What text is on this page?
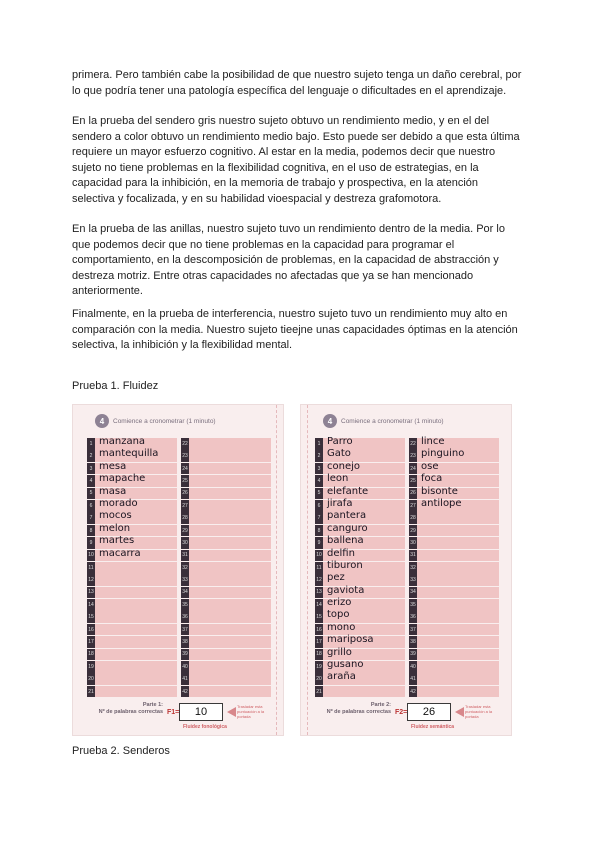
primera. Pero también cabe la posibilidad de que nuestro sujeto tenga un daño cerebral, por
lo que podría tener una patología específica del lenguaje o dificultades en el aprendizaje.
En la prueba del sendero gris nuestro sujeto obtuvo un rendimiento medio, y en el del
sendero a color obtuvo un rendimiento medio bajo. Esto puede ser debido a que esta última
requiere un mayor esfuerzo cognitivo. Al estar en la media, podemos decir que nuestro
sujeto no tiene problemas en la flexibilidad cognitiva, en el uso de estrategias, en la
capacidad para la inhibición, en la memoria de trabajo y prospectiva, en la atención
selectiva y focalizada, y en su habilidad vioespacial y destreza grafomotora.
En la prueba de las anillas, nuestro sujeto tuvo un rendimiento dentro de la media. Por lo
que podemos decir que no tiene problemas en la capacidad para programar el
comportamiento, en la descomposición de problemas, en la capacidad de abstracción y
destreza motriz. Entre otras capacidades no afectadas que ya se han mencionado
anteriormente.
Finalmente, en la prueba de interferencia, nuestro sujeto tuvo un rendimiento muy alto en
comparación con la media. Nuestro sujeto tieeјne unas capacidades óptimas en la atención
selectiva, la inhibición y la flexibilidad mental.
Prueba 1. Fluidez
4	Comience a cronometrar (1 minuto)
1 manzana	22
2 mantequilla	23
3 mesa	24
4 mapache	25
5 masa	26
6 morado	27
7 mocos	28
8 melon	29
9 martes	30
10 macarra	31
11	32
12	33
13	34
14	35
15	36
16	37
17	38
18	39
19	40
20	41
21	42
Parte 1:
Nº de palabras correctas F1=	10	Trasladar esta puntuación a la portada
Fluidez fonológica
4	Comience a cronometrar (1 minuto)
1 Parro	22 lince
2 Gato	23 pinguino
3 conejo	24 ose
4 leon	25 foca
5 elefante	26 bisonte
6 jirafa	27 antilope
7 pantera	28
8 canguro	29
9 ballena	30
10 delfin	31
11 tiburon	32
12 pez	33
13 gaviota	34
14 erizo	35
15 topo	36
16 mono	37
17 mariposa	38
18 grillo	39
19 gusano	40
20 araña	41
21	42
Parte 2:
Nº de palabras correctas F2=	26	Trasladar esta puntuación a la portada
Fluidez semántica
Prueba 2. Senderos
